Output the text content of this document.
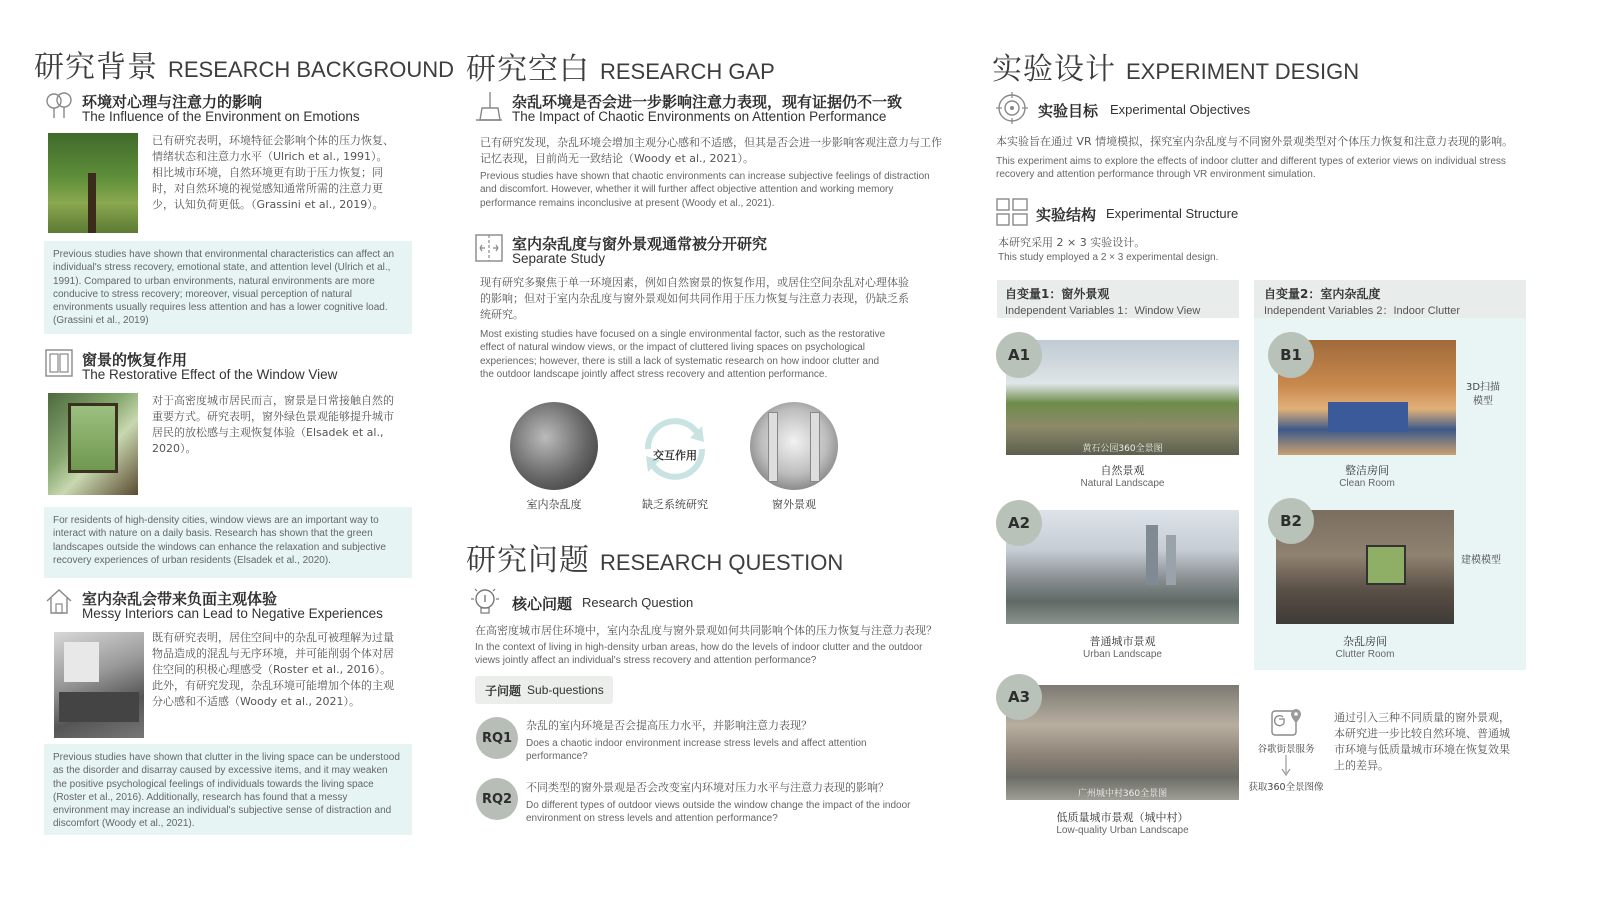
研究背景 RESEARCH BACKGROUND
环境对心理与注意力的影响
The Influence of the Environment on Emotions
已有研究表明，环境特征会影响个体的压力恢复、情绪状态和注意力水平（Ulrich et al., 1991）。相比城市环境，自然环境更有助于压力恢复；同时，对自然环境的视觉感知通常所需的注意力更少，认知负荷更低。（Grassini et al., 2019）。
Previous studies have shown that environmental characteristics can affect an individual's stress recovery, emotional state, and attention level (Ulrich et al., 1991). Compared to urban environments, natural environments are more conducive to stress recovery; moreover, visual perception of natural environments usually requires less attention and has a lower cognitive load. (Grassini et al., 2019)
窗景的恢复作用
The Restorative Effect of the Window View
对于高密度城市居民而言，窗景是日常接触自然的重要方式。研究表明，窗外绿色景观能够提升城市居民的放松感与主观恢复体验（Elsadek et al., 2020）。
For residents of high-density cities, window views are an important way to interact with nature on a daily basis. Research has shown that the green landscapes outside the windows can enhance the relaxation and subjective recovery experiences of urban residents (Elsadek et al., 2020).
室内杂乱会带来负面主观体验
Messy Interiors can Lead to Negative Experiences
既有研究表明，居住空间中的杂乱可被理解为过量物品造成的混乱与无序环境，并可能削弱个体对居住空间的积极心理感受（Roster et al., 2016）。此外，有研究发现，杂乱环境可能增加个体的主观分心感和不适感（Woody et al., 2021）。
Previous studies have shown that clutter in the living space can be understood as the disorder and disarray caused by excessive items, and it may weaken the positive psychological feelings of individuals towards the living space (Roster et al., 2016). Additionally, research has found that a messy environment may increase an individual's subjective sense of distraction and discomfort (Woody et al., 2021).
研究空白 RESEARCH GAP
杂乱环境是否会进一步影响注意力表现，现有证据仍不一致
The Impact of Chaotic Environments on Attention Performance
已有研究发现，杂乱环境会增加主观分心感和不适感，但其是否会进一步影响客观注意力与工作记忆表现，目前尚无一致结论（Woody et al., 2021）。
Previous studies have shown that chaotic environments can increase subjective feelings of distraction and discomfort. However, whether it will further affect objective attention and working memory performance remains inconclusive at present (Woody et al., 2021).
室内杂乱度与窗外景观通常被分开研究
Separate Study
现有研究多聚焦于单一环境因素，例如自然窗景的恢复作用，或居住空间杂乱对心理体验的影响；但对于室内杂乱度与窗外景观如何共同作用于压力恢复与注意力表现，仍缺乏系统研究。
Most existing studies have focused on a single environmental factor, such as the restorative effect of natural window views, or the impact of cluttered living spaces on psychological experiences; however, there is still a lack of systematic research on how indoor clutter and the outdoor landscape jointly affect stress recovery and attention performance.
室内杂乱度
交互作用
缺乏系统研究	窗外景观
研究问题 RESEARCH QUESTION
核心问题 Research Question
在高密度城市居住环境中，室内杂乱度与窗外景观如何共同影响个体的压力恢复与注意力表现？
In the context of living in high-density urban areas, how do the levels of indoor clutter and the outdoor views jointly affect an individual's stress recovery and attention performance?
子问题 Sub-questions
RQ1
杂乱的室内环境是否会提高压力水平，并影响注意力表现？
Does a chaotic indoor environment increase stress levels and affect attention performance?
RQ2
不同类型的窗外景观是否会改变室内环境对压力水平与注意力表现的影响？
Do different types of outdoor views outside the window change the impact of the indoor environment on stress levels and attention performance?
实验设计 EXPERIMENT DESIGN
实验目标 Experimental Objectives
本实验旨在通过 VR 情境模拟，探究室内杂乱度与不同窗外景观类型对个体压力恢复和注意力表现的影响。
This experiment aims to explore the effects of indoor clutter and different types of exterior views on individual stress recovery and attention performance through VR environment simulation.
实验结构 Experimental Structure
本研究采用 2 × 3 实验设计。
This study employed a 2 × 3 experimental design.
自变量1：窗外景观
Independent Variables 1：Window View
自变量2：室内杂乱度
Independent Variables 2：Indoor Clutter
黄石公园360全景图
A1
自然景观
Natural Landscape
A2
普通城市景观
Urban Landscape
广州城中村360全景图
A3
低质量城市景观（城中村）
Low-quality Urban Landscape
B1
3D扫描
模型
整洁房间
Clean Room
B2
建模模型
杂乱房间
Clutter Room
谷歌街景服务
获取360全景图像
通过引入三种不同质量的窗外景观，本研究进一步比较自然环境、普通城市环境与低质量城市环境在恢复效果上的差异。
